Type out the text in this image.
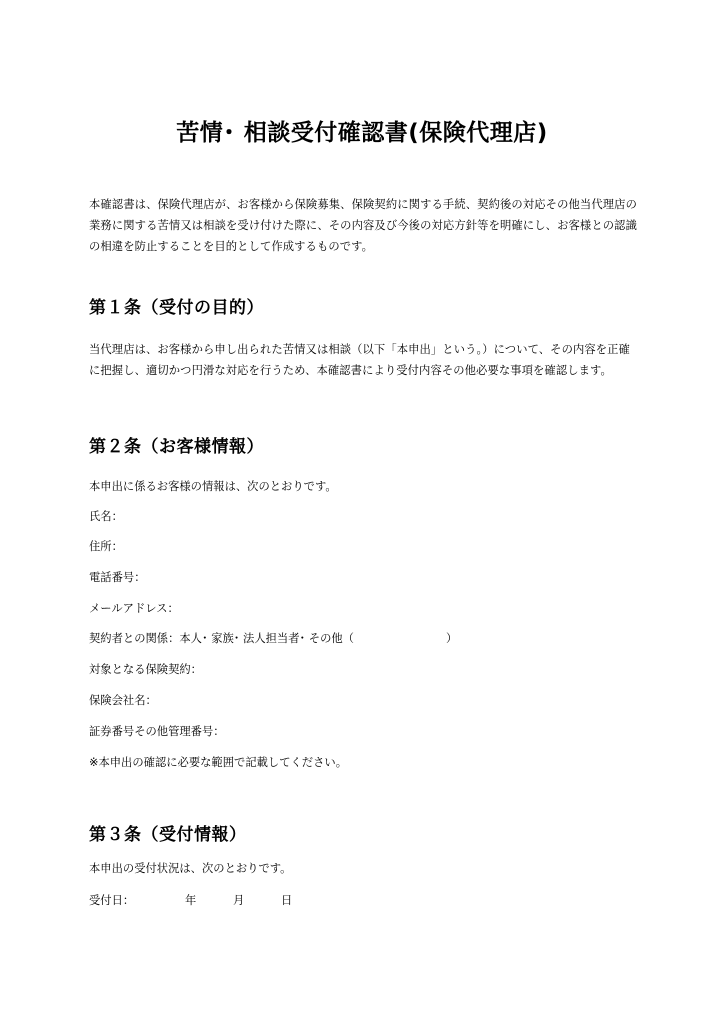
苦情･ 相談受付確認書(保険代理店)

本確認書は、保険代理店が、お客様から保険募集、保険契約に関する手続、契約後の対応その他当代理店の業務に関する苦情又は相談を受け付けた際に、その内容及び今後の対応方針等を明確にし、お客様との認識の相違を防止することを目的として作成するものです。

第１条（受付の目的）

当代理店は、お客様から申し出られた苦情又は相談（以下「本申出」という。）について、その内容を正確に把握し、適切かつ円滑な対応を行うため、本確認書により受付内容その他必要な事項を確認します。

第２条（お客様情報）

本申出に係るお客様の情報は、次のとおりです。

氏名：

住所：

電話番号：

メールアドレス：

契約者との関係：本人･ 家族･ 法人担当者･ その他（	）

対象となる保険契約：

保険会社名：

証券番号その他管理番号：

※本申出の確認に必要な範囲で記載してください。

第３条（受付情報）

本申出の受付状況は、次のとおりです。

受付日：	年	月	日
